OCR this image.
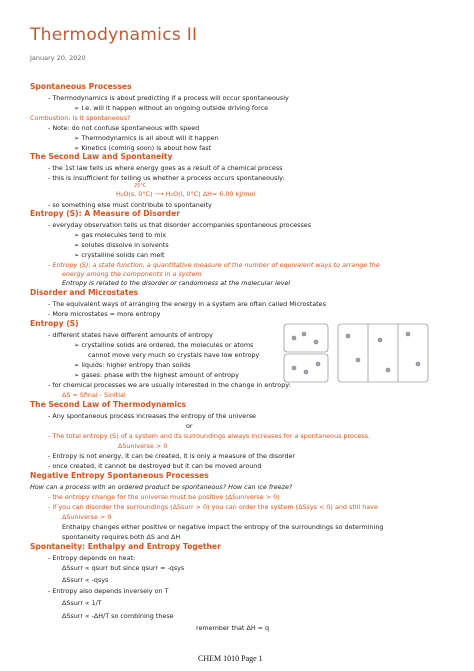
Thermodynamics II
January 20, 2020
Spontaneous Processes
- Thermodynamics is about predicting if a process will occur spontaneously
➢ I.e. will it happen without an ongoing outside driving force
Combustion: Is it spontaneous?
- Note: do not confuse spontaneous with speed
➢ Thermodynamics is all about will it happen
➢ Kinetics (coming soon) is about how fast
The Second Law and Spontaneity
- the 1st law tells us where energy goes as a result of a chemical process
- this is insufficient for telling us whether a process occurs spontaneously:
25°C
H₂O(s, 0°C) ⟶ H₂O(l, 0°C) ΔH= 6.00 kJ/mol
- so something else must contribute to spontaneity
Entropy (S): A Measure of Disorder
- everyday observation tells us that disorder accompanies spontaneous processes
➢ gas molecules tend to mix
➢ solutes dissolve in solvents
➢ crystalline solids can melt
- Entropy (S): a state function, a quantitative measure of the number of equivalent ways to arrange the
energy among the components in a system
Entropy is related to the disorder or randomness at the molecular level
Disorder and Microstates
- The equivalent ways of arranging the energy in a system are often called Microstates
- More microstates = more entropy
Entropy (S)
- different states have different amounts of entropy
➢ crystalline solids are ordered, the molecules or atoms
cannot move very much so crystals have low entropy
➢ liquids: higher entropy than solids
➢ gases: phase with the highest amount of entropy
- for chemical processes we are usually interested in the change in entropy:
ΔS = Sfinal - Sinitial
The Second Law of Thermodynamics
- Any spontaneous process increases the entropy of the universe
or
- The total entropy (S) of a system and its surroundings always increases for a spontaneous process.
ΔSuniverse > 0
- Entropy is not energy, it can be created, it is only a measure of the disorder
- once created, it cannot be destroyed but it can be moved around
Negative Entropy Spontaneous Processes
How can a process with an ordered product be spontaneous? How can ice freeze?
- the entropy change for the universe must be positive (ΔSuniverse > 0)
- if you can disorder the surroundings (ΔSsurr > 0) you can order the system (ΔSsys < 0) and still have
ΔSuniverse > 0
Enthalpy changes either positive or negative impact the entropy of the surroundings so determining
spontaneity requires both ΔS and ΔH
Spontaneity: Enthalpy and Entropy Together
- Entropy depends on heat:
ΔSsurr ∝ qsurr but since qsurr = -qsys
ΔSsurr ∝ -qsys
- Entropy also depends inversely on T
ΔSsurr ∝ 1/T
ΔSsurr ∝ -ΔH/T so combining these
remember that ΔH = q
CHEM 1010 Page 1
